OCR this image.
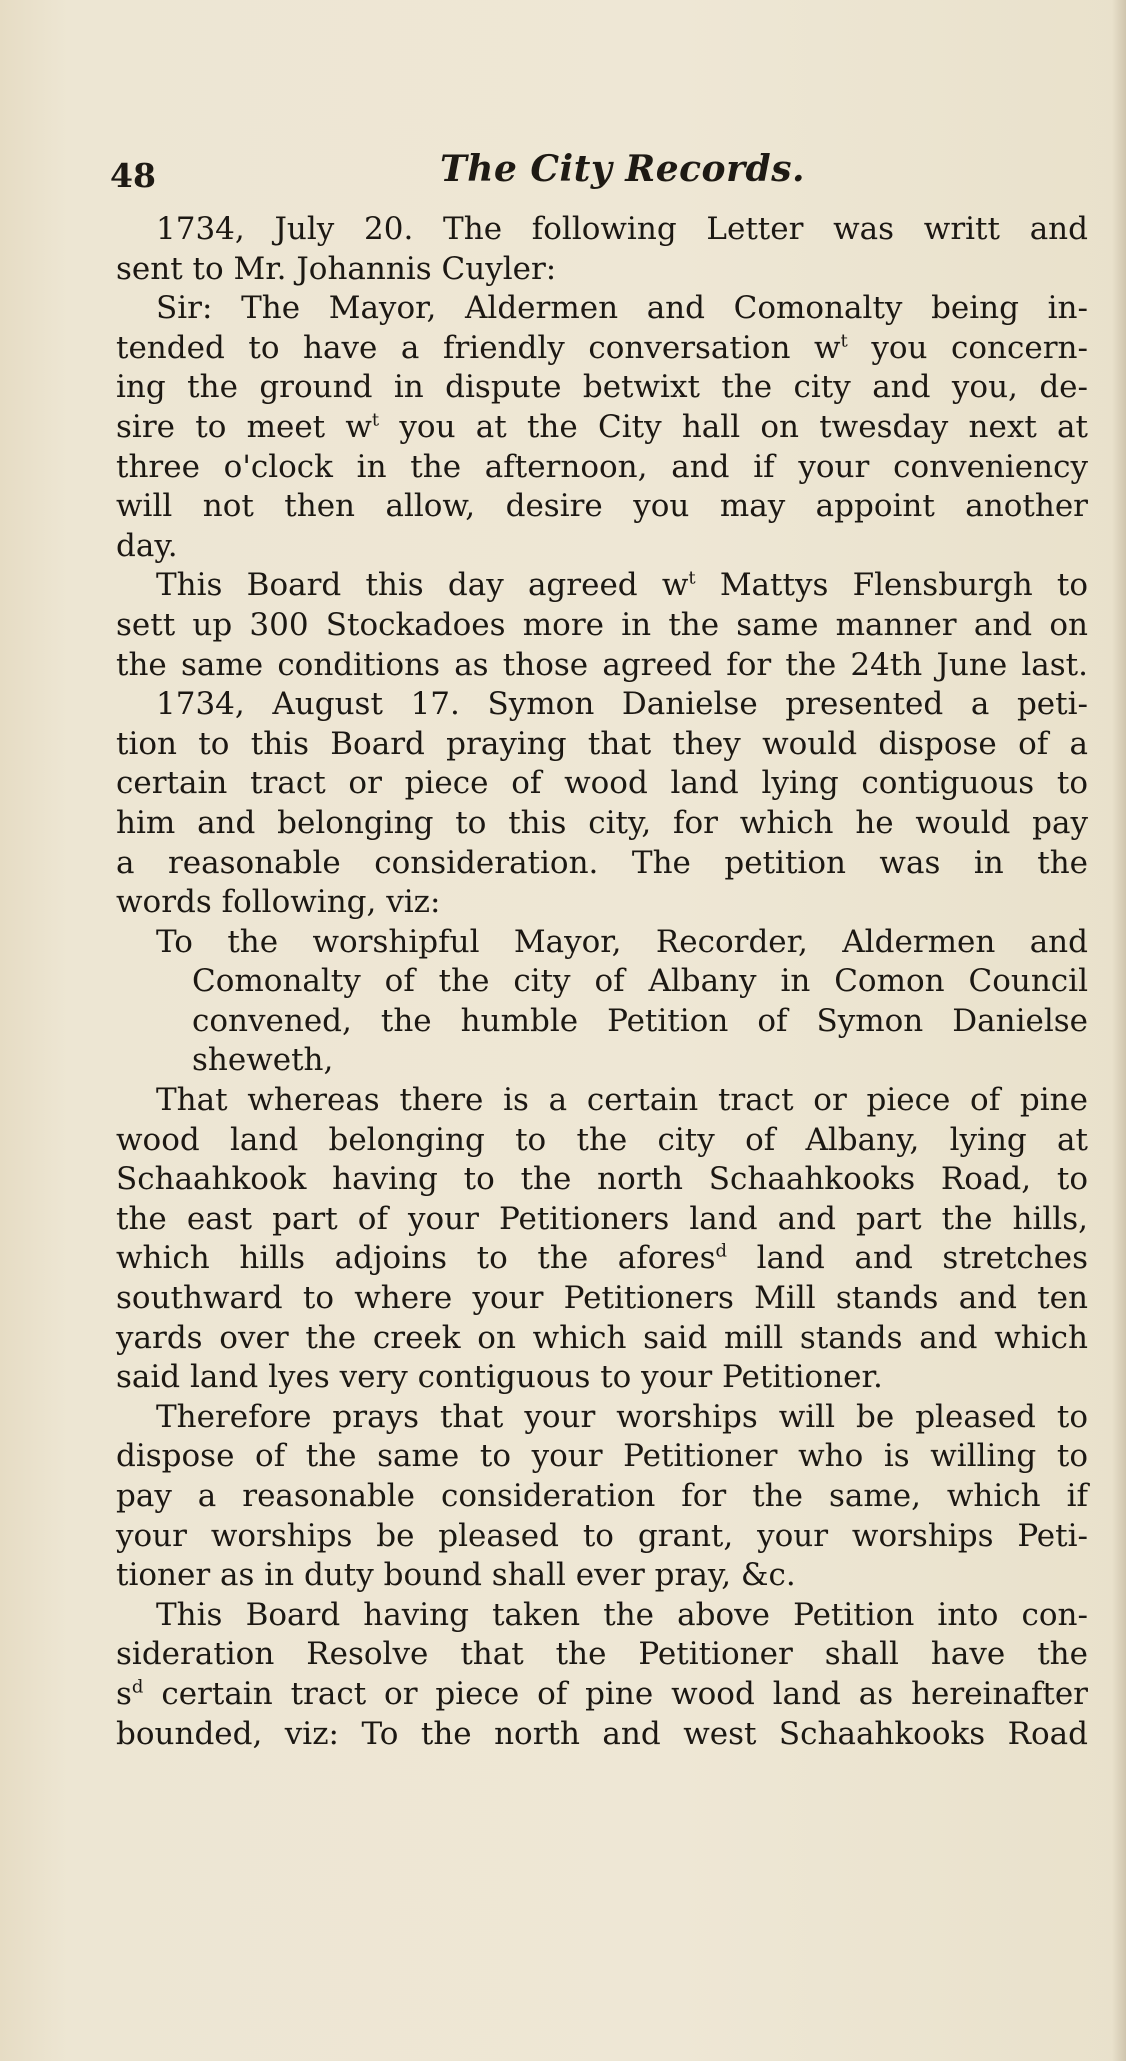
48	The City Records.
1734, July 20. The following Letter was writt and
sent to Mr. Johannis Cuyler:
Sir: The Mayor, Aldermen and Comonalty being in-
tended to have a friendly conversation $w^t$ you concern-
ing the ground in dispute betwixt the city and you, de-
sire to meet $w^t$ you at the City hall on twesday next at
three o'clock in the afternoon, and if your conveniency
will not then allow, desire you may appoint another
day.
This Board this day agreed $w^t$ Mattys Flensburgh to
sett up 300 Stockadoes more in the same manner and on
the same conditions as those agreed for the 24th June last.
1734, August 17. Symon Danielse presented a peti-
tion to this Board praying that they would dispose of a
certain tract or piece of wood land lying contiguous to
him and belonging to this city, for which he would pay
a reasonable consideration. The petition was in the
words following, viz:
To the worshipful Mayor, Recorder, Aldermen and
Comonalty of the city of Albany in Comon Council
convened, the humble Petition of Symon Danielse
sheweth,
That whereas there is a certain tract or piece of pine
wood land belonging to the city of Albany, lying at
Schaahkook having to the north Schaahkooks Road, to
the east part of your Petitioners land and part the hills,
which hills adjoins to the afores$^d$ land and stretches
southward to where your Petitioners Mill stands and ten
yards over the creek on which said mill stands and which
said land lyes very contiguous to your Petitioner.
Therefore prays that your worships will be pleased to
dispose of the same to your Petitioner who is willing to
pay a reasonable consideration for the same, which if
your worships be pleased to grant, your worships Peti-
tioner as in duty bound shall ever pray, &c.
This Board having taken the above Petition into con-
sideration Resolve that the Petitioner shall have the
$s^d$ certain tract or piece of pine wood land as hereinafter
bounded, viz: To the north and west Schaahkooks Road
